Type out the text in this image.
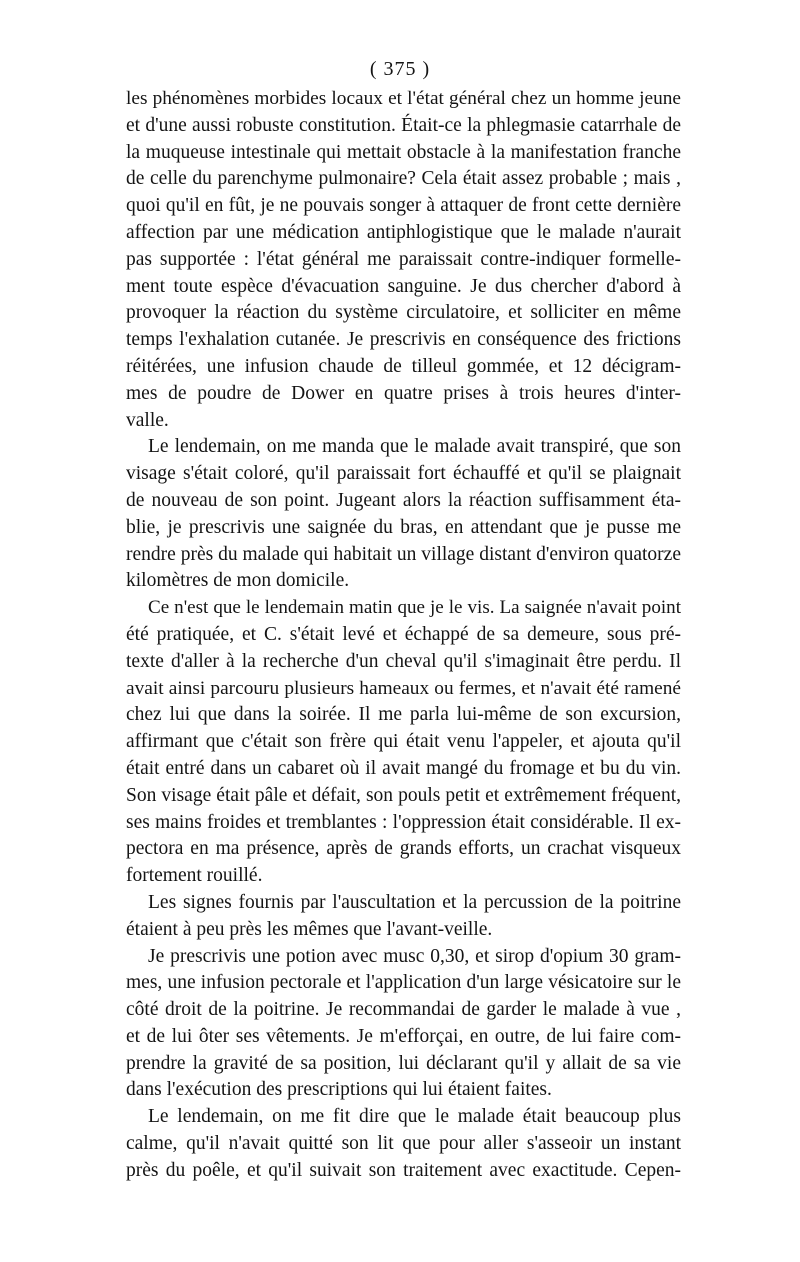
( 375 )
les phénomènes morbides locaux et l'état général chez un homme jeune
et d'une aussi robuste constitution. Était-ce la phlegmasie catarrhale de
la muqueuse intestinale qui mettait obstacle à la manifestation franche
de celle du parenchyme pulmonaire? Cela était assez probable ; mais ,
quoi qu'il en fût, je ne pouvais songer à attaquer de front cette dernière
affection par une médication antiphlogistique que le malade n'aurait
pas supportée : l'état général me paraissait contre-indiquer formelle-
ment toute espèce d'évacuation sanguine. Je dus chercher d'abord à
provoquer la réaction du système circulatoire, et solliciter en même
temps l'exhalation cutanée. Je prescrivis en conséquence des frictions
réitérées, une infusion chaude de tilleul gommée, et 12 décigram-
mes de poudre de Dower en quatre prises à trois heures d'inter-
valle.
Le lendemain, on me manda que le malade avait transpiré, que son
visage s'était coloré, qu'il paraissait fort échauffé et qu'il se plaignait
de nouveau de son point. Jugeant alors la réaction suffisamment éta-
blie, je prescrivis une saignée du bras, en attendant que je pusse me
rendre près du malade qui habitait un village distant d'environ quatorze
kilomètres de mon domicile.
Ce n'est que le lendemain matin que je le vis. La saignée n'avait point
été pratiquée, et C. s'était levé et échappé de sa demeure, sous pré-
texte d'aller à la recherche d'un cheval qu'il s'imaginait être perdu. Il
avait ainsi parcouru plusieurs hameaux ou fermes, et n'avait été ramené
chez lui que dans la soirée. Il me parla lui-même de son excursion,
affirmant que c'était son frère qui était venu l'appeler, et ajouta qu'il
était entré dans un cabaret où il avait mangé du fromage et bu du vin.
Son visage était pâle et défait, son pouls petit et extrêmement fréquent,
ses mains froides et tremblantes : l'oppression était considérable. Il ex-
pectora en ma présence, après de grands efforts, un crachat visqueux
fortement rouillé.
Les signes fournis par l'auscultation et la percussion de la poitrine
étaient à peu près les mêmes que l'avant-veille.
Je prescrivis une potion avec musc 0,30, et sirop d'opium 30 gram-
mes, une infusion pectorale et l'application d'un large vésicatoire sur le
côté droit de la poitrine. Je recommandai de garder le malade à vue ,
et de lui ôter ses vêtements. Je m'efforçai, en outre, de lui faire com-
prendre la gravité de sa position, lui déclarant qu'il y allait de sa vie
dans l'exécution des prescriptions qui lui étaient faites.
Le lendemain, on me fit dire que le malade était beaucoup plus
calme, qu'il n'avait quitté son lit que pour aller s'asseoir un instant
près du poêle, et qu'il suivait son traitement avec exactitude. Cepen-
